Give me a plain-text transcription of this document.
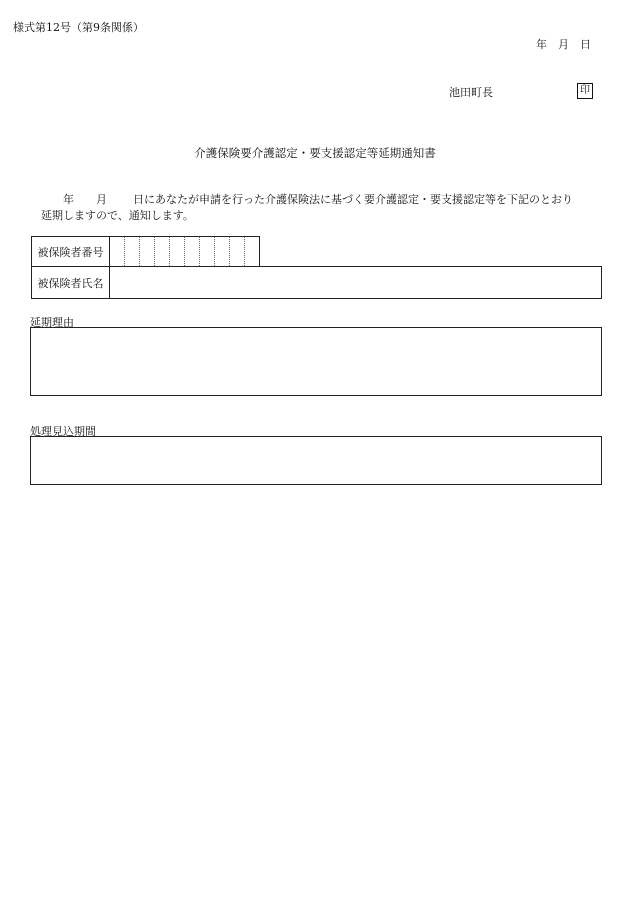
様式第12号（第9条関係）
年 月 日
池田町長	印
介護保険要介護認定・要支援認定等延期通知書
年 月 日にあなたが申請を行った介護保険法に基づく要介護認定・要支援認定等を下記のとおり
延期しますので、通知します。
被保険者番号
被保険者氏名
延期理由
処理見込期間
